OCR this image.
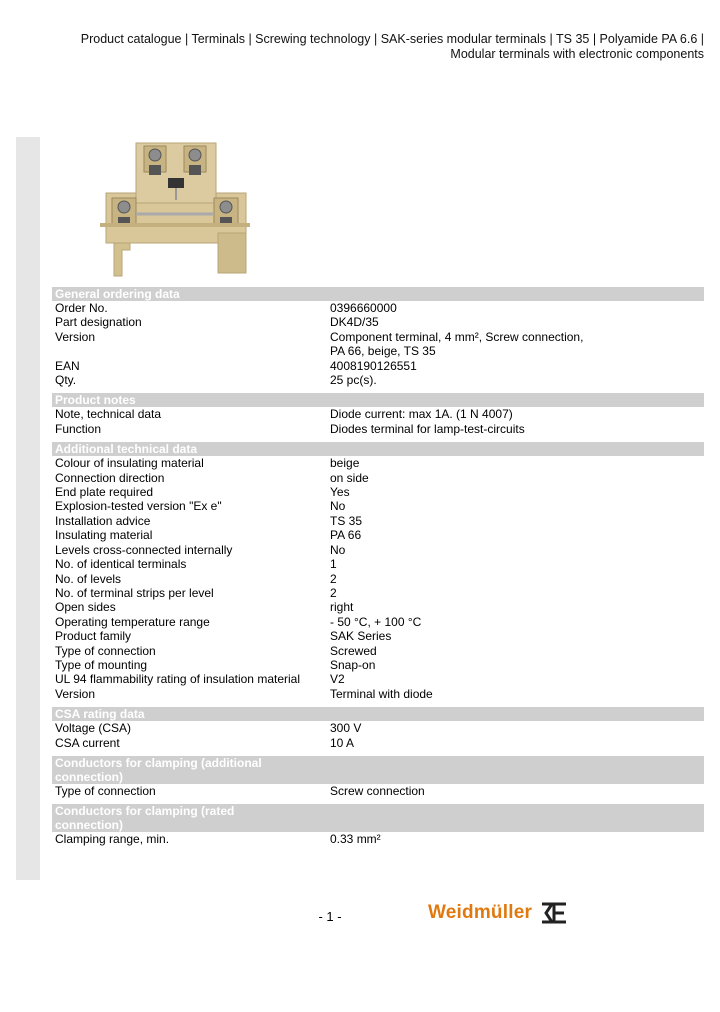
Product catalogue | Terminals | Screwing technology | SAK-series modular terminals | TS 35 | Polyamide PA 6.6 |
Modular terminals with electronic components
General ordering data
Order No.	0396660000
Part designation	DK4D/35
Version	Component terminal, 4 mm², Screw connection,
PA 66, beige, TS 35
EAN	4008190126551
Qty.	25 pc(s).
Product notes
Note, technical data	Diode current: max 1A. (1 N 4007)
Function	Diodes terminal for lamp-test-circuits
Additional technical data
Colour of insulating material	beige
Connection direction	on side
End plate required	Yes
Explosion-tested version "Ex e"	No
Installation advice	TS 35
Insulating material	PA 66
Levels cross-connected internally	No
No. of identical terminals	1
No. of levels	2
No. of terminal strips per level	2
Open sides	right
Operating temperature range	- 50 °C, + 100 °C
Product family	SAK Series
Type of connection	Screwed
Type of mounting	Snap-on
UL 94 flammability rating of insulation material	V2
Version	Terminal with diode
CSA rating data
Voltage (CSA)	300 V
CSA current	10 A
Conductors for clamping (additional connection)
Type of connection	Screw connection
Conductors for clamping (rated connection)
Clamping range, min.	0.33 mm²
- 1 -	Weidmüller
